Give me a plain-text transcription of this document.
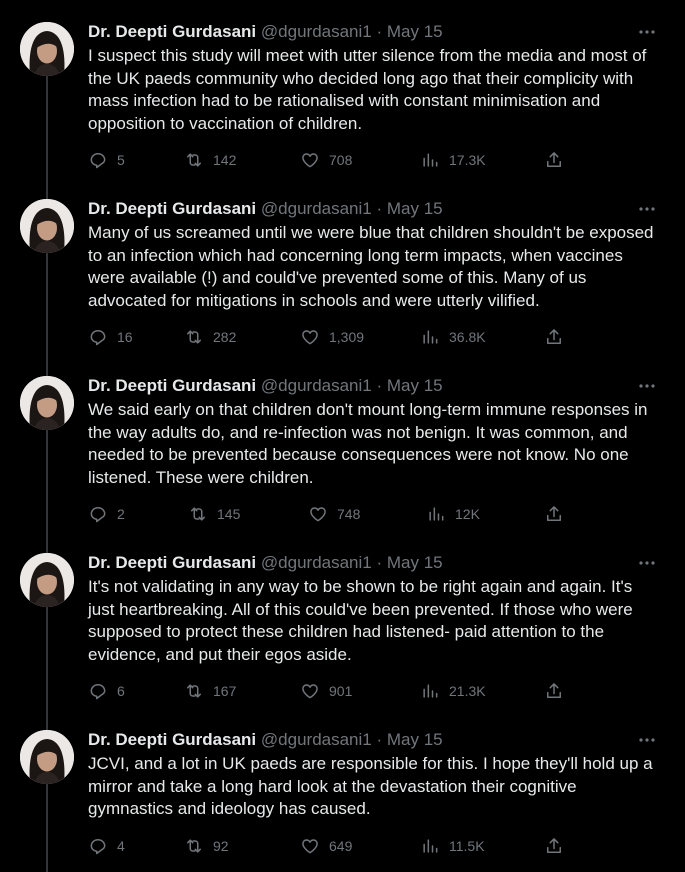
Dr. Deepti Gurdasani @dgurdasani1 · May 15
I suspect this study will meet with utter silence from the media and most of the UK paeds community who decided long ago that their complicity with mass infection had to be rationalised with constant minimisation and opposition to vaccination of children.
5	142	708	17.3K
Dr. Deepti Gurdasani @dgurdasani1 · May 15
Many of us screamed until we were blue that children shouldn't be exposed to an infection which had concerning long term impacts, when vaccines were available (!) and could've prevented some of this. Many of us advocated for mitigations in schools and were utterly vilified.
16	282	1,309	36.8K
Dr. Deepti Gurdasani @dgurdasani1 · May 15
We said early on that children don't mount long-term immune responses in the way adults do, and re-infection was not benign. It was common, and needed to be prevented because consequences were not know. No one listened. These were children.
2	145	748	12K
Dr. Deepti Gurdasani @dgurdasani1 · May 15
It's not validating in any way to be shown to be right again and again. It's just heartbreaking. All of this could've been prevented. If those who were supposed to protect these children had listened- paid attention to the evidence, and put their egos aside.
6	167	901	21.3K
Dr. Deepti Gurdasani @dgurdasani1 · May 15
JCVI, and a lot in UK paeds are responsible for this. I hope they'll hold up a mirror and take a long hard look at the devastation their cognitive gymnastics and ideology has caused.
4	92	649	11.5K
